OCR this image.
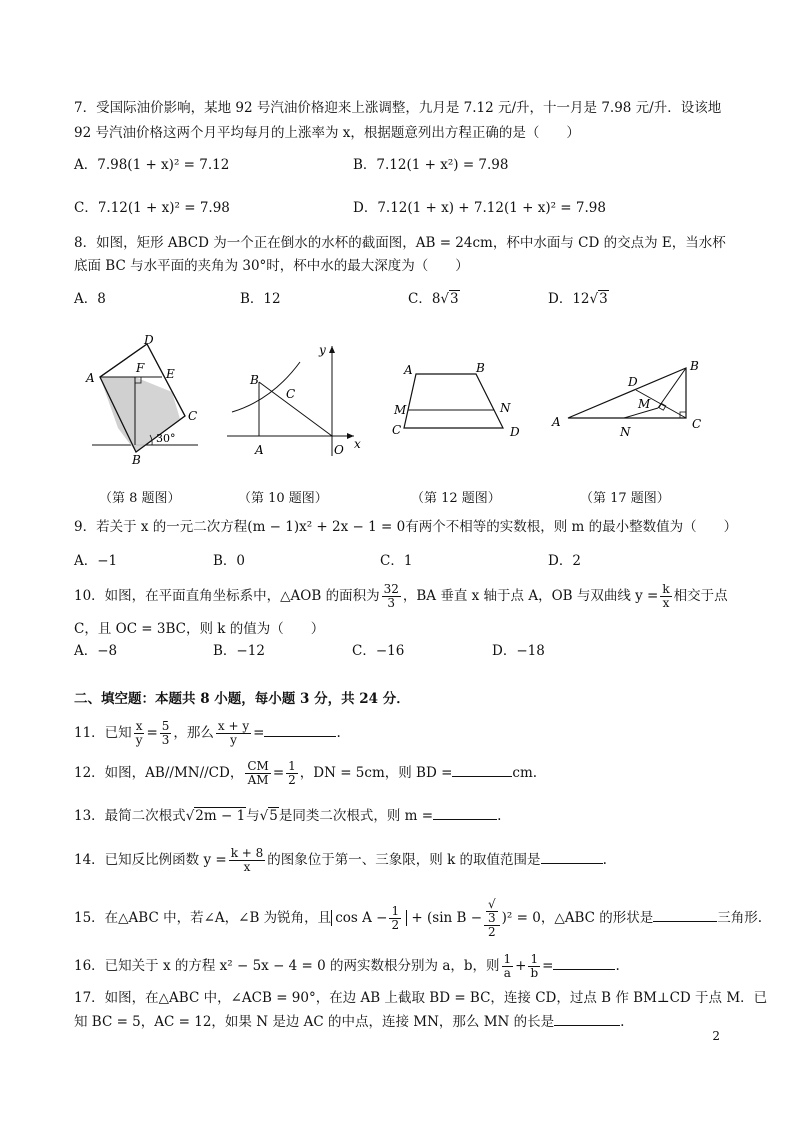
7．受国际油价影响，某地 92 号汽油价格迎来上涨调整，九月是 7.12 元/升，十一月是 7.98 元/升．设该地
92 号汽油价格这两个月平均每月的上涨率为 x，根据题意列出方程正确的是（　　）
A．7.98(1 + x)² = 7.12	B．7.12(1 + x²) = 7.98
C．7.12(1 + x)² = 7.98	D．7.12(1 + x) + 7.12(1 + x)² = 7.98
8．如图，矩形 ABCD 为一个正在倒水的水杯的截面图，AB = 24cm，杯中水面与 CD 的交点为 E，当水杯
底面 BC 与水平面的夹角为 30°时，杯中水的最大深度为（　　）
A．8	B．12	C．8√3	D．12√3
D
A
F E
C
B
30°
（第 8 题图）
B
C
A	O x
y
（第 10 题图）
A	B
M	N
C	D
（第 12 题图）
A
B
C
D
M
N
（第 17 题图）
9．若关于 x 的一元二次方程(m − 1)x² + 2x − 1 = 0有两个不相等的实数根，则 m 的最小整数值为（　　）
A．−1	B．0	C．1	D．2
10．如图，在平面直角坐标系中，△AOB 的面积为 $\frac{32}{3}$ ，BA 垂直 x 轴于点 A，OB 与双曲线 $y = \frac{k}{x}$ 相交于点
C，且 OC = 3BC，则 k 的值为（　　）
A．−8	B．−12	C．−16	D．−18
二、填空题：本题共 8 小题，每小题 3 分，共 24 分．
11．已知 $\frac{x}{y} = \frac{5}{3}$ ，那么 $\frac{x + y}{y}$ =	.
12．如图，AB//MN//CD， $\frac{CM}{AM} = \frac{1}{2}$ ，DN = 5cm，则 BD =	cm.
13．最简二次根式√2m − 1与√5是同类二次根式，则 m =	.
14．已知反比例函数 $y = \frac{k + 8}{x}$ 的图象位于第一、三象限，则 k 的取值范围是	.
15．在△ABC 中，若∠A，∠B 为锐角，且 $\cos A - \frac{1}{2} + (\sin$ B − √
3
2 )² = 0，△ABC 的形状是	三角形.
16．已知关于 x 的方程 x² − 5x − 4 = 0 的两实数根分别为 a，b，则 $\frac{1}{a} + \frac{1}{b}$ =	.
17．如图，在△ABC 中，∠ACB = 90°，在边 AB 上截取 BD = BC，连接 CD，过点 B 作 BM⊥CD 于点 M．已
知 BC = 5，AC = 12，如果 N 是边 AC 的中点，连接 MN，那么 MN 的长是	.
2
